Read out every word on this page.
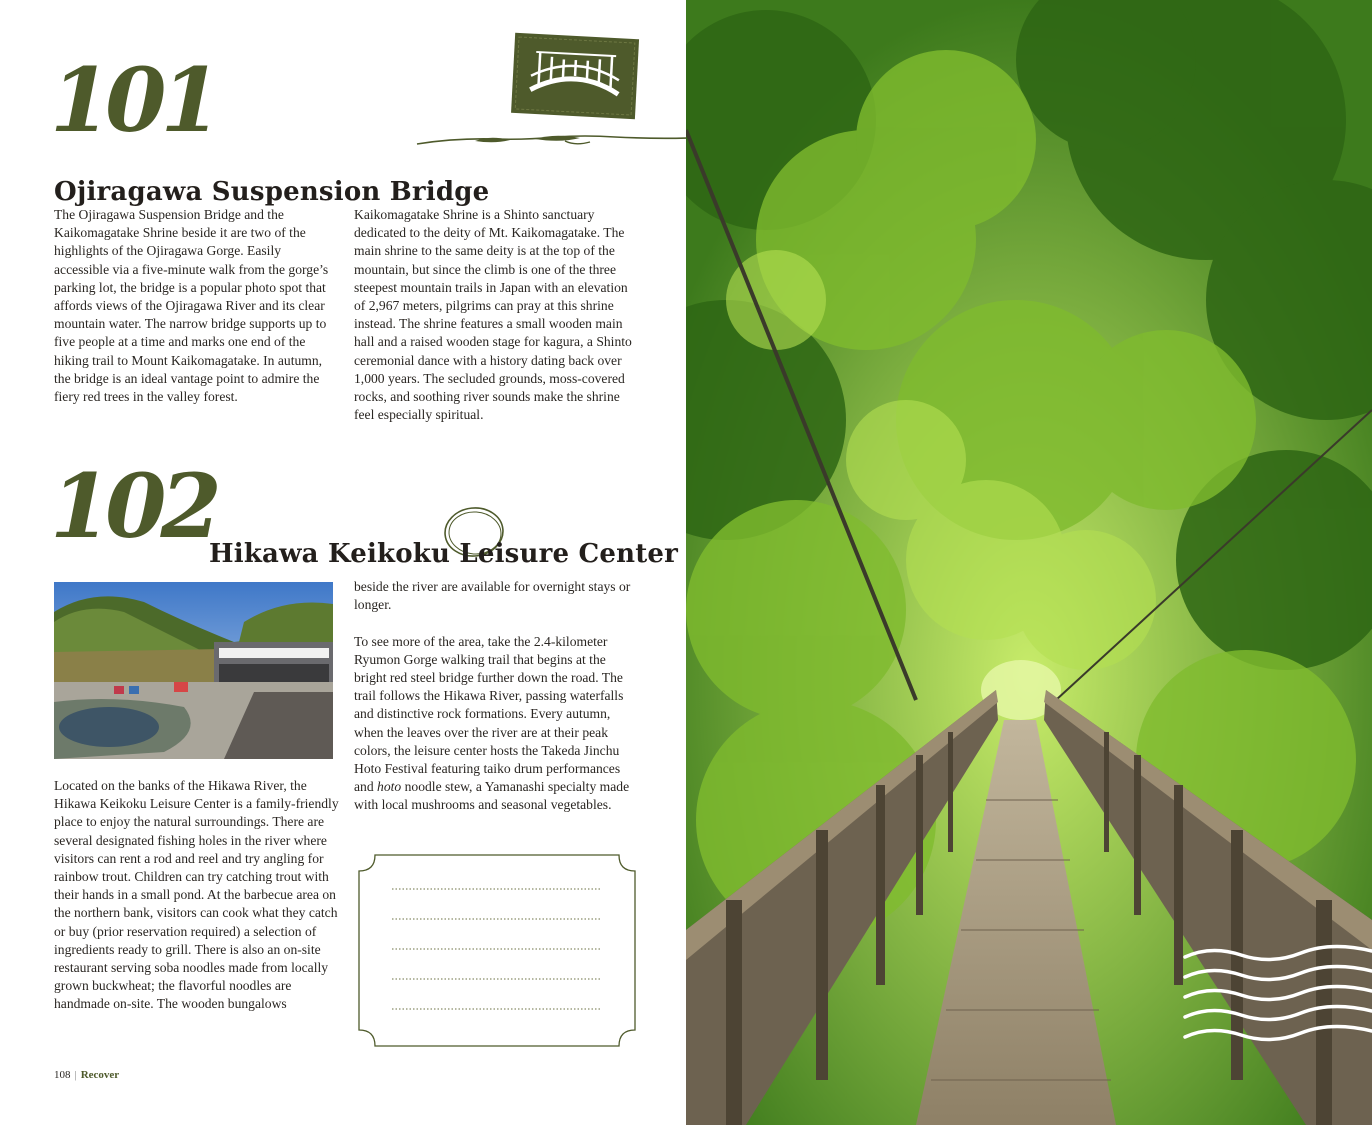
101
Ojiragawa Suspension Bridge

The Ojiragawa Suspension Bridge and the Kaikomagatake Shrine beside it are two of the highlights of the Ojiragawa Gorge. Easily accessible via a five-minute walk from the gorge’s parking lot, the bridge is a popular photo spot that affords views of the Ojiragawa River and its clear mountain water. The narrow bridge supports up to five people at a time and marks one end of the hiking trail to Mount Kaikomagatake. In autumn, the bridge is an ideal vantage point to admire the fiery red trees in the valley forest.

Kaikomagatake Shrine is a Shinto sanctuary dedicated to the deity of Mt. Kaikomagatake. The main shrine to the same deity is at the top of the mountain, but since the climb is one of the three steepest mountain trails in Japan with an elevation of 2,967 meters, pilgrims can pray at this shrine instead. The shrine features a small wooden main hall and a raised wooden stage for kagura, a Shinto ceremonial dance with a history dating back over 1,000 years. The secluded grounds, moss-covered rocks, and soothing river sounds make the shrine feel especially spiritual.

102
Hikawa Keikoku Leisure Center

Located on the banks of the Hikawa River, the Hikawa Keikoku Leisure Center is a family-friendly place to enjoy the natural surroundings. There are several designated fishing holes in the river where visitors can rent a rod and reel and try angling for rainbow trout. Children can try catching trout with their hands in a small pond. At the barbecue area on the northern bank, visitors can cook what they catch or buy (prior reservation required) a selection of ingredients ready to grill. There is also an on-site restaurant serving soba noodles made from locally grown buckwheat; the flavorful noodles are handmade on-site. The wooden bungalows

beside the river are available for overnight stays or longer.

To see more of the area, take the 2.4-kilometer Ryumon Gorge walking trail that begins at the bright red steel bridge further down the road. The trail follows the Hikawa River, passing waterfalls and distinctive rock formations. Every autumn, when the leaves over the river are at their peak colors, the leisure center hosts the Takeda Jinchu Hoto Festival featuring taiko drum performances and hoto noodle stew, a Yamanashi specialty made with local mushrooms and seasonal vegetables.

108 | Recover
